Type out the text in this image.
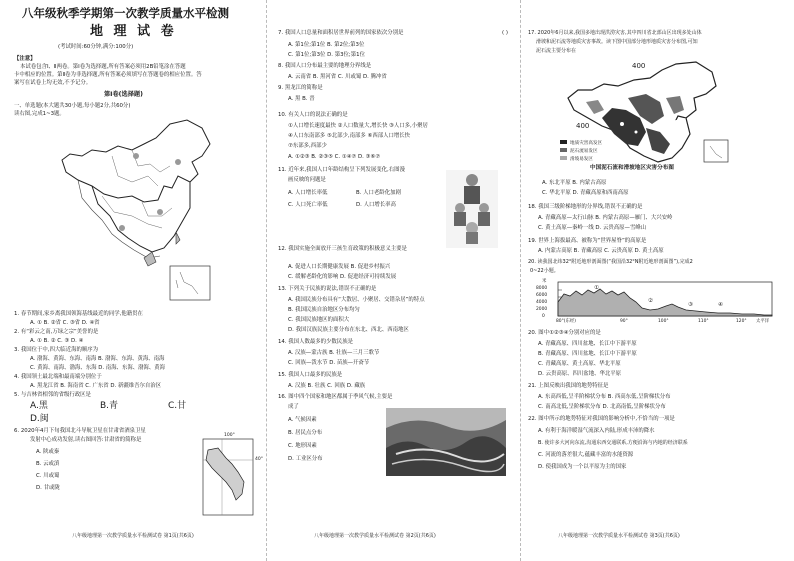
八年级秋季学期第一次教学质量水平检测
地 理 试 卷
(考试时间:60分钟,满分:100分)
【注意】
本试卷包含Ⅰ、Ⅱ两卷。第Ⅰ卷为选择题,所有答案必须用2B铅笔涂在答题
卡中相应的位置。第Ⅱ卷为非选择题,所有答案必须填写在答题卷的相应位置。答
案写在试卷上均无效,不予记分。
第Ⅰ卷(选择题)
一、单选题(本大题共30小题,每小题2分,共60分)
读右图,完成1~3题。
1. 春节期间,家乡离我国领海基线最近的同学,他籍贯在
A. ① B. ②省 C. ③省 D. ④省
2. 有“彩云之南,万绿之宗”美誉的是
A. ① B. ② C. ③ D. ④
3. 我国位于中,四大临近海的顺序为
A. 渤海、黄海、东海、南海 B. 渤海、东海、黄海、南海
C. 黄海、南海、渤海、东海 D. 南海、东海、渤海、黄海
4. 我国领土最北端和最南端分别位于
A. 黑龙江省 B. 海南省 C. 广东省 D. 新疆维吾尔自治区
5. 与吉林省相邻的省级行政区是
A.黑	B.青	C.甘
D.闽
6. 2020年4月下旬我国北斗导航卫星在甘肃省酒泉卫星
发射中心成功发射,读右图回答:甘肃省的简称是
A. 陕或秦
B. 云或滇
C. 川或蜀
D. 甘或陇
100°
40°
八年级地理第一次教学质量水平检测试卷 第1页(共6页)
7. 我国人口总量和面积居世界前列的国家依次分别是	( )
A. 第1位;第1位 B. 第2位;第3位
C. 第1位;第3位 D. 第3位;第1位
8. 我国人口分布最主要的地理分界线是
A. 云南省 B. 黑河省 C. 川或蜀 D. 腾冲省
9. 黑龙江的简称是
A. 黑 B. 晋
10. 有关人口的说法正确的是
①人口增长速度最快 ②人口数量大,增长快 ③人口多,小聚居
④人口东南部多 ⑤北部少,南部多 ⑥西部人口增长快
⑦东部多,西部少
A. ①②③ B. ②③⑤ C. ①④⑦ D. ③⑥⑦
11. 近年来,我国人口年龄结构呈下列发展变化,右图漫
画反映的问题是
A. 人口增长率低	B. 人口老龄化加剧
C. 人口死亡率低	D. 人口增长率高
12. 我国实施全面放开三孩生育政策的积极意义主要是
A. 促进人口长期健康发展 B. 促进乡村振兴
C. 缓解老龄化的影响 D. 促进经济可持续发展
13. 下列关于民族的说法,错误不正确的是
A. 我国民族分布具有“大散居、小聚居、交错杂居”的特点
B. 我国民族自治地区分布均匀
C. 我国民族地区的面积大
D. 我国汉族民族主要分布在东北、西北、西南地区
14. 我国人数最多的少数民族是
A. 汉族—蒙古族 B. 壮族—三月三歌节
C. 回族—泼水节 D. 苗族—开斋节
15. 我国人口最多的民族是
A. 汉族 B. 壮族 C. 回族 D. 藏族
16. 图中四个国家和地区都属于季风气候,主要是
成了
A. 气候因素
B. 居民点分布
C. 地形因素
D. 工业区分布
八年级地理第一次教学质量水平检测试卷 第2页(共6页)
17. 2020年6月以来,我国多地出现洪涝灾害,其中四川省北部山区出现多处山体
滑坡和泥石流等地质灾害事故。读下图中国部分地形地质灾害分布图,可知
泥石流主要分布在
400
400
地质灾害高发区
泥石流易发区
滑坡易发区
中国泥石流和滑坡地区灾害分布图
A. 东北平原 B. 内蒙古高原
C. 华北平原 D. 青藏高原和西南高原
18. 我国三级阶梯地形的分界线,错误不正确的是
A. 青藏高原—太行山脉 B. 内蒙古高原—雁门、大兴安岭
C. 黄土高原—秦岭一线 D. 云贵高原—雪峰山
19. 世界上海拔最高、被称为“世界屋脊”的高原是
A. 内蒙古高原 B. 青藏高原 C. 云贵高原 D. 黄土高原
20. 读我国北纬32°附近地形剖面图(“我国沿32°N附近地形剖面图”),完成2
0~22小题。
米
8000
6000
4000
2000
0
①
②
③	④
80°(东经)	90°	100°	110°	120° 太平洋
20. 图中①②③④分别对应的是
A. 青藏高原、四川盆地、长江中下游平原
B. 青藏高原、四川盆地、长江中下游平原
C. 青藏高原、黄土高原、华北平原
D. 云贵高原、四川盆地、华北平原
21. 上图反映出我国的地势特征是
A. 东高西低,呈半阶梯状分布 B. 西高东低,呈阶梯状分布
C. 南高北低,呈阶梯状分布 D. 北高南低,呈阶梯状分布
22. 图中所示的地势特征对我国的影响分析中,不恰当的一项是
A. 有利于海洋暖湿气流深入内陆,形成丰沛的降水
B. 使许多大河向东流,沟通东西交通联系,方便沿海与内地的经济联系
C. 河流的落差很大,蕴藏丰富的水能资源
D. 使我国成为一个以平原为主的国家
八年级地理第一次教学质量水平检测试卷 第3页(共6页)
